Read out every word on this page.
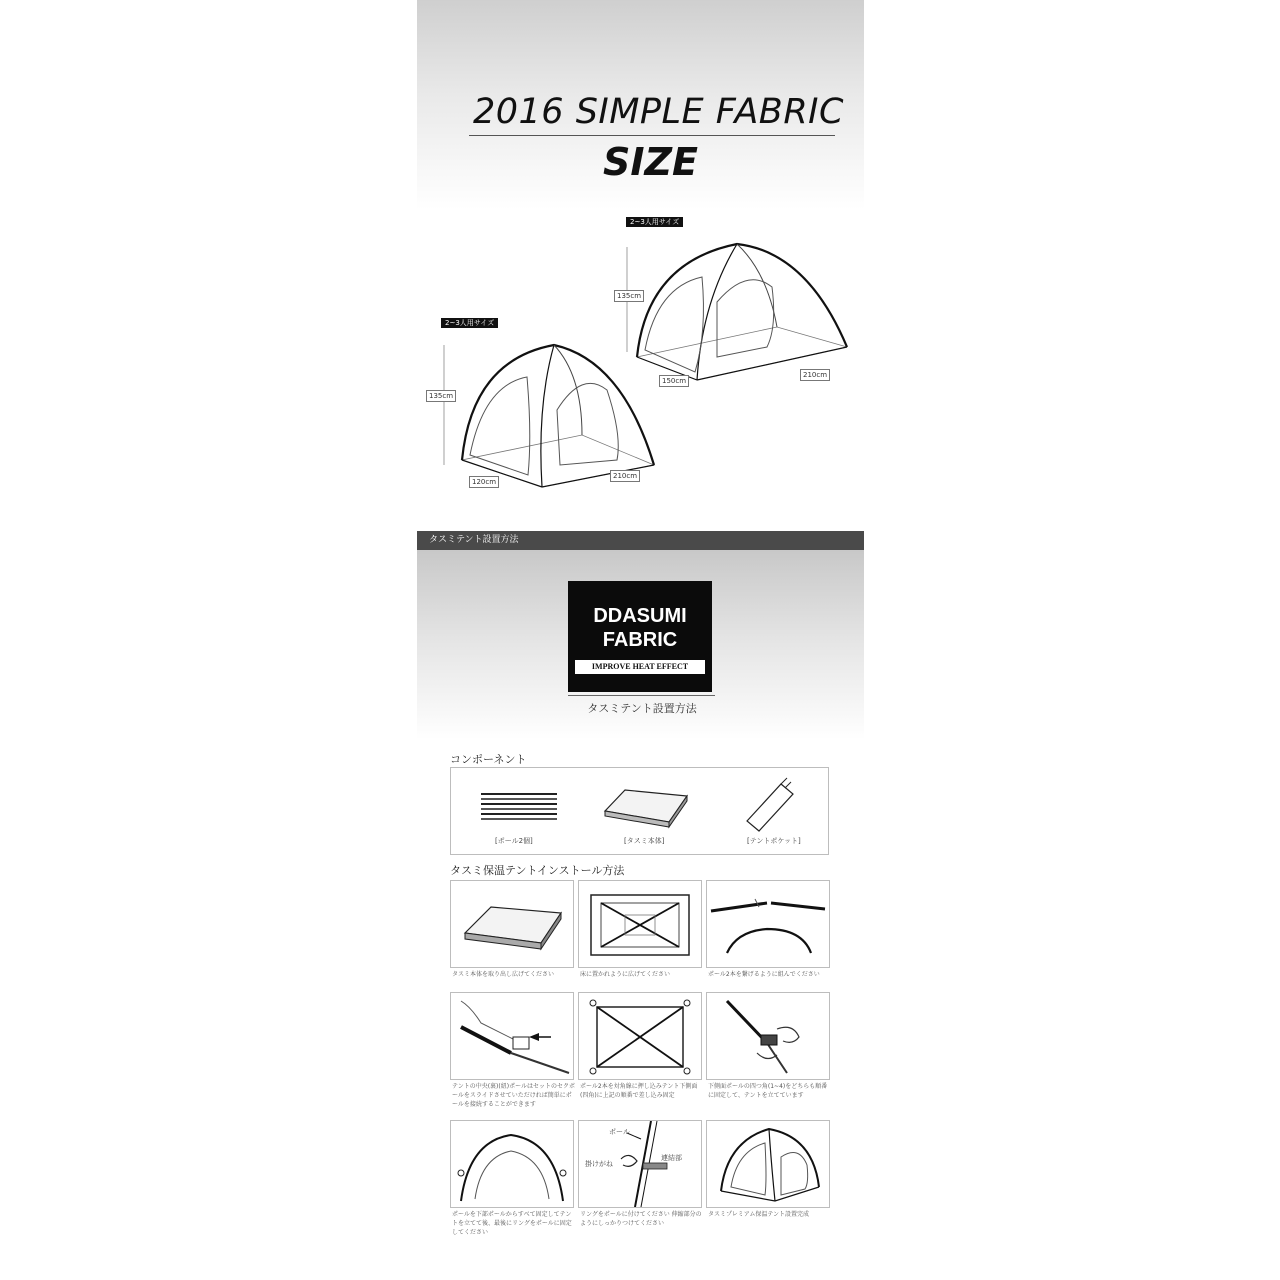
2016 SIMPLE FABRIC
SIZE
2~3人用サイズ
135cm
150cm
210cm
2~3人用サイズ
135cm
120cm
210cm
タスミテント設置方法
DDASUMI
FABRIC
IMPROVE HEAT EFFECT
タスミテント設置方法
コンポーネント
[ポール2個]	[タスミ本体]	[テントポケット]
タスミ保温テントインストール方法
タスミ本体を取り出し広げてください	床に置かれように広げてください	ポール2本を繋げるように組んでください
テントの中央(裏)(紐)ポールはセットのセクボールをスライドさせていただければ簡単にポールを接続することができます
ポール2本を対角線に押し込みテント下側面(四角)に上記の順番で差し込み固定
下側面ポールの四つ角(1~4)をどちらも順番に固定して、テントを立てています
ポールを下部ポールからすべて固定してテントを立てて後、最後にリングをポールに固定してください
ポール
掛けがね
連結部
リングをポールに付けてください 伸縮部分のようにしっかりつけてください
タスミプレミアム保温テント設置完成
